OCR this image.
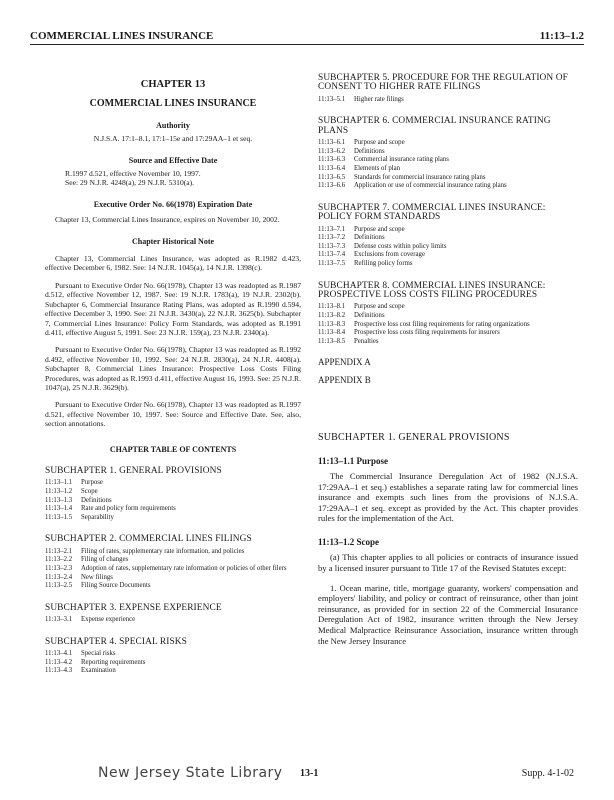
COMMERCIAL LINES INSURANCE	11:13–1.2
CHAPTER 13
COMMERCIAL LINES INSURANCE
Authority
N.J.S.A. 17:1–8.1, 17:1–15e and 17:29AA–1 et seq.
Source and Effective Date
R.1997 d.521, effective November 10, 1997.
See: 29 N.J.R. 4248(a), 29 N.J.R. 5310(a).
Executive Order No. 66(1978) Expiration Date
Chapter 13, Commercial Lines Insurance, expires on November 10, 2002.
Chapter Historical Note
Chapter 13, Commercial Lines Insurance, was adopted as R.1982 d.423, effective December 6, 1982. See: 14 N.J.R. 1045(a), 14 N.J.R. 1398(c).
Pursuant to Executive Order No. 66(1978), Chapter 13 was readopted as R.1987 d.512, effective November 12, 1987. See: 19 N.J.R. 1783(a), 19 N.J.R. 2302(b). Subchapter 6, Commercial Insurance Rating Plans, was adopted as R.1990 d.594, effective December 3, 1990. See: 21 N.J.R. 3430(a), 22 N.J.R. 3625(b). Subchapter 7, Commercial Lines Insurance: Policy Form Standards, was adopted as R.1991 d.411, effective August 5, 1991. See: 23 N.J.R. 159(a), 23 N.J.R. 2340(a).
Pursuant to Executive Order No. 66(1978), Chapter 13 was readopted as R.1992 d.492, effective November 10, 1992. See: 24 N.J.R. 2830(a), 24 N.J.R. 4408(a). Subchapter 8, Commercial Lines Insurance: Prospective Loss Costs Filing Procedures, was adopted as R.1993 d.411, effective August 16, 1993. See: 25 N.J.R. 1047(a), 25 N.J.R. 3629(b).
Pursuant to Executive Order No. 66(1978), Chapter 13 was readopted as R.1997 d.521, effective November 10, 1997. See: Source and Effective Date. See, also, section annotations.
CHAPTER TABLE OF CONTENTS
SUBCHAPTER 1. GENERAL PROVISIONS
11:13–1.1	Purpose
11:13–1.2	Scope
11:13–1.3	Definitions
11:13–1.4	Rate and policy form requirements
11:13–1.5	Separability
SUBCHAPTER 2. COMMERCIAL LINES FILINGS
11:13–2.1	Filing of rates, supplementary rate information, and policies
11:13–2.2	Filing of changes
11:13–2.3	Adoption of rates, supplementary rate information or policies of other filers
11:13–2.4	New filings
11:13–2.5	Filing Source Documents
SUBCHAPTER 3. EXPENSE EXPERIENCE
11:13–3.1	Expense experience
SUBCHAPTER 4. SPECIAL RISKS
11:13–4.1	Special risks
11:13–4.2	Reporting requirements
11:13–4.3	Examination
SUBCHAPTER 5. PROCEDURE FOR THE REGULATION OF CONSENT TO HIGHER RATE FILINGS
11:13–5.1	Higher rate filings
SUBCHAPTER 6. COMMERCIAL INSURANCE RATING PLANS
11:13–6.1	Purpose and scope
11:13–6.2	Definitions
11:13–6.3	Commercial insurance rating plans
11:13–6.4	Elements of plan
11:13–6.5	Standards for commercial insurance rating plans
11:13–6.6	Application or use of commercial insurance rating plans
SUBCHAPTER 7. COMMERCIAL LINES INSURANCE: POLICY FORM STANDARDS
11:13–7.1	Purpose and scope
11:13–7.2	Definitions
11:13–7.3	Defense costs within policy limits
11:13–7.4	Exclusions from coverage
11:13–7.5	Refiling policy forms
SUBCHAPTER 8. COMMERCIAL LINES INSURANCE: PROSPECTIVE LOSS COSTS FILING PROCEDURES
11:13–8.1	Purpose and scope
11:13–8.2	Definitions
11:13–8.3	Prospective loss cost filing requirements for rating organizations
11:13–8.4	Prospective loss costs filing requirements for insurers
11:13–8.5	Penalties
APPENDIX A
APPENDIX B
SUBCHAPTER 1. GENERAL PROVISIONS
11:13–1.1 Purpose
The Commercial Insurance Deregulation Act of 1982 (N.J.S.A. 17:29AA–1 et seq.) establishes a separate rating law for commercial lines insurance and exempts such lines from the provisions of N.J.S.A. 17:29AA–1 et seq. except as provided by the Act. This chapter provides rules for the implementation of the Act.
11:13–1.2 Scope
(a) This chapter applies to all policies or contracts of insurance issued by a licensed insurer pursuant to Title 17 of the Revised Statutes except:
1. Ocean marine, title, mortgage guaranty, workers' compensation and employers' liability, and policy or contract of reinsurance, other than joint reinsurance, as provided for in section 22 of the Commercial Insurance Deregulation Act of 1982, insurance written through the New Jersey Medical Malpractice Reinsurance Association, insurance written through the New Jersey Insurance
New Jersey State Library 13-1	Supp. 4-1-02
